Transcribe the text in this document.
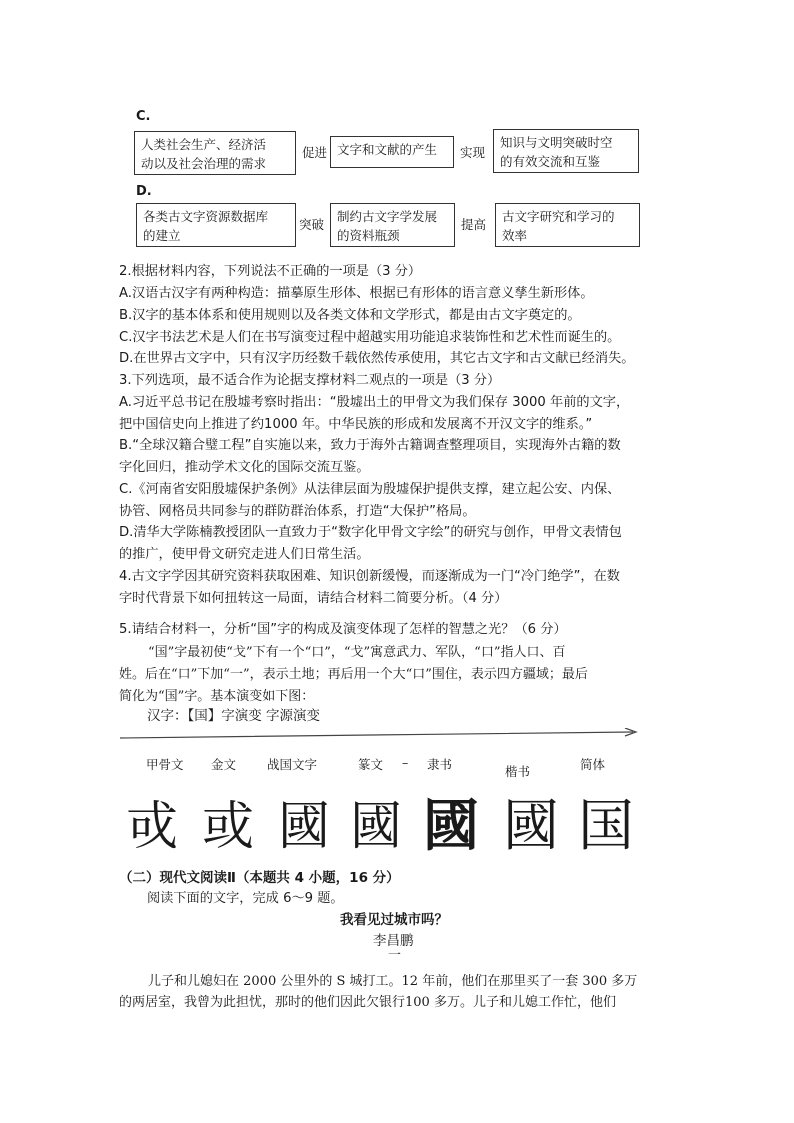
C.
人类社会生产、经济活
动以及社会治理的需求
促进 文字和文献的产生	实现
知识与文明突破时空
的有效交流和互鉴
D.
各类古文字资源数据库
的建立
突破
制约古文字学发展
的资料瓶颈
提高
古文字研究和学习的
效率
2.根据材料内容，下列说法不正确的一项是（3 分）
A.汉语古汉字有两种构造：描摹原生形体、根据已有形体的语言意义孳生新形体。
B.汉字的基本体系和使用规则以及各类文体和文学形式，都是由古文字奠定的。
C.汉字书法艺术是人们在书写演变过程中超越实用功能追求装饰性和艺术性而诞生的。
D.在世界古文字中，只有汉字历经数千载依然传承使用，其它古文字和古文献已经消失。
3.下列选项，最不适合作为论据支撑材料二观点的一项是（3 分）
A.习近平总书记在殷墟考察时指出：“殷墟出土的甲骨文为我们保存 3000 年前的文字，
把中国信史向上推进了约1000 年。中华民族的形成和发展离不开汉文字的维系。”
B.“全球汉籍合璧工程”自实施以来，致力于海外古籍调查整理项目，实现海外古籍的数
字化回归，推动学术文化的国际交流互鉴。
C.《河南省安阳殷墟保护条例》从法律层面为殷墟保护提供支撑，建立起公安、内保、
协管、网格员共同参与的群防群治体系，打造“大保护”格局。
D.清华大学陈楠教授团队一直致力于“数字化甲骨文字绘”的研究与创作，甲骨文表情包
的推广，使甲骨文研究走进人们日常生活。
4.古文字学因其研究资料获取困难、知识创新缓慢，而逐渐成为一门“冷门绝学”，在数
字时代背景下如何扭转这一局面，请结合材料二简要分析。（4 分）
5.请结合材料一，分析“国”字的构成及演变体现了怎样的智慧之光？（6 分）
“国”字最初使“戈”下有一个“口”，“戈”寓意武力、军队，“口”指人口、百
姓。后在“口”下加“一”，表示土地；再后用一个大“口”围住，表示四方疆域；最后
简化为“国”字。基本演变如下图：
汉字：【国】字演变 字源演变
甲骨文 金文 战国文字	篆文 – 隶书	楷书	简体
戓 或 國 國 國 國 国
（二）现代文阅读Ⅱ（本题共 4 小题，16 分）
阅读下面的文字，完成 6～9 题。
我看见过城市吗？
李昌鹏
一
儿子和儿媳妇在 2000 公里外的 S 城打工。12 年前，他们在那里买了一套 300 多万
的两居室，我曾为此担忧，那时的他们因此欠银行100 多万。儿子和儿媳工作忙，他们
